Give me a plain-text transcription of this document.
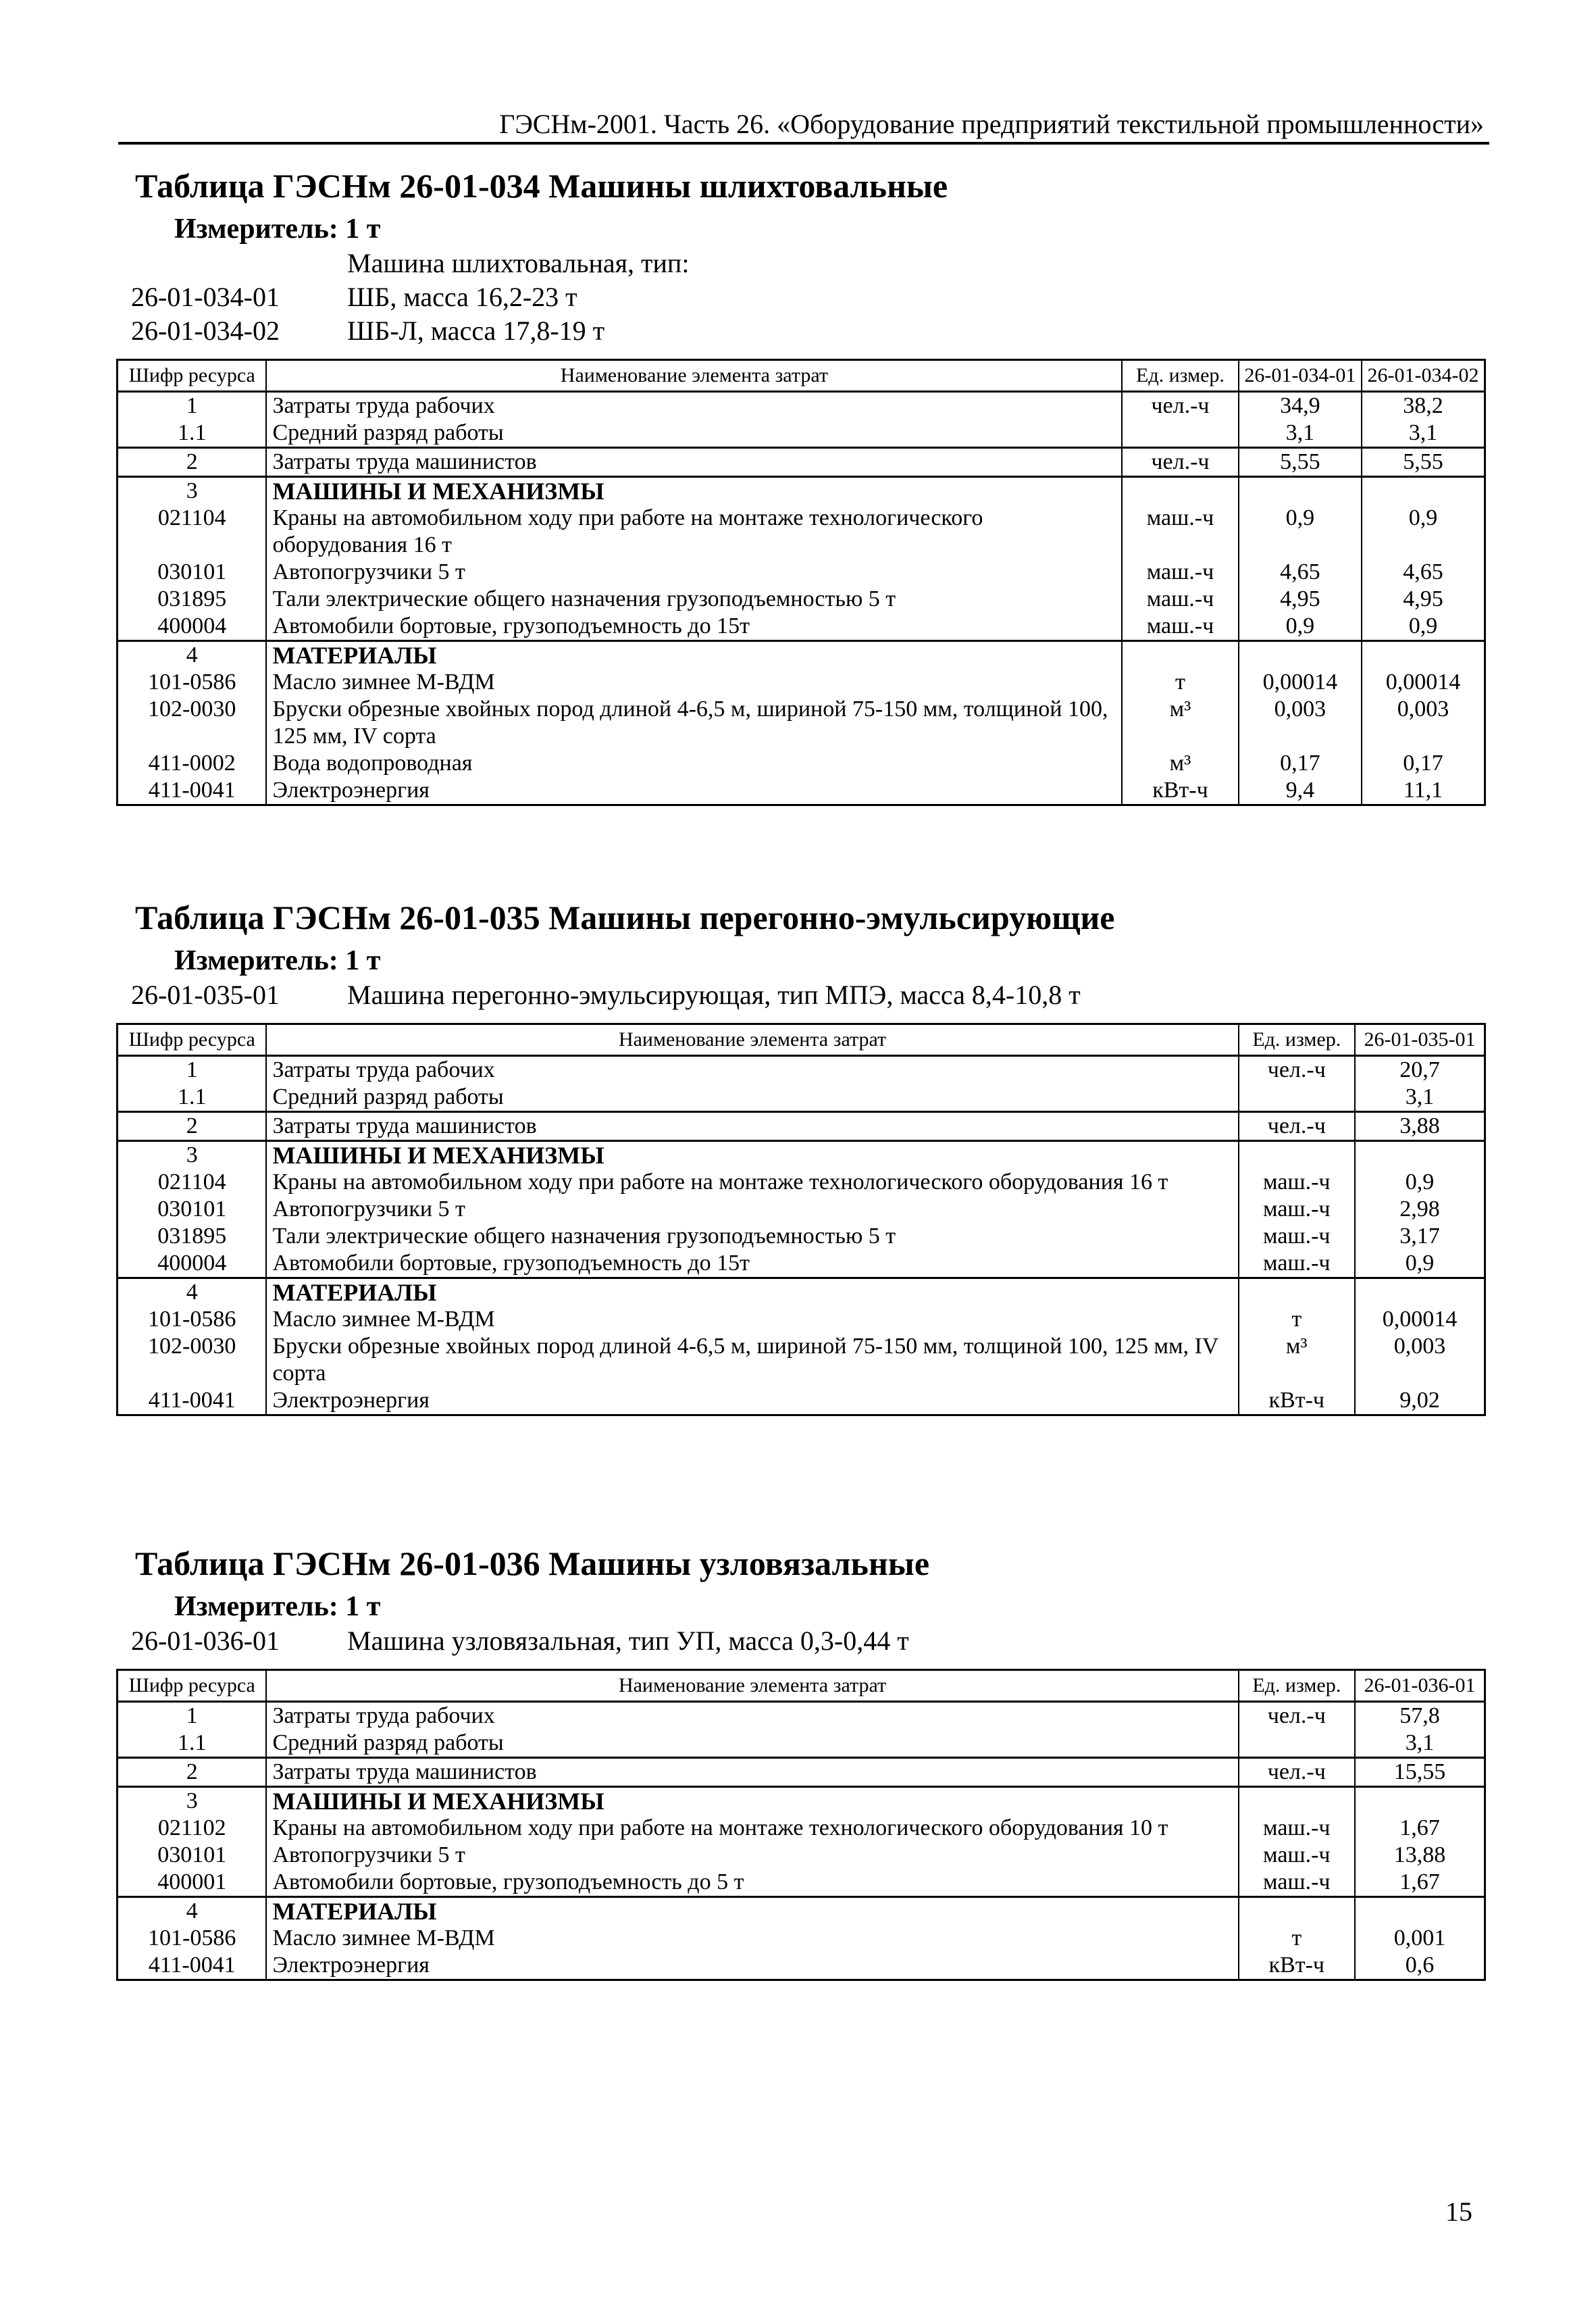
ГЭСНм-2001. Часть 26. «Оборудование предприятий текстильной промышленности»
Таблица ГЭСНм 26-01-034 Машины шлихтовальные
Измеритель: 1 т
Машина шлихтовальная, тип:
26-01-034-01	ШБ, масса 16,2-23 т
26-01-034-02	ШБ-Л, масса 17,8-19 т
Шифр ресурса	Наименование элемента затрат	Ед. измер.	26-01-034-01	26-01-034-02
1	Затраты труда рабочих	чел.-ч	34,9	38,2
1.1	Средний разряд работы		3,1	3,1
2	Затраты труда машинистов	чел.-ч	5,55	5,55
3	МАШИНЫ И МЕХАНИЗМЫ			
021104	Краны на автомобильном ходу при работе на монтаже технологического оборудования 16 т	маш.-ч	0,9	0,9
030101	Автопогрузчики 5 т	маш.-ч	4,65	4,65
031895	Тали электрические общего назначения грузоподъемностью 5 т	маш.-ч	4,95	4,95
400004	Автомобили бортовые, грузоподъемность до 15т	маш.-ч	0,9	0,9
4	МАТЕРИАЛЫ			
101-0586	Масло зимнее М-ВДМ	т	0,00014	0,00014
102-0030	Бруски обрезные хвойных пород длиной 4-6,5 м, шириной 75-150 мм, толщиной 100, 125 мм, IV сорта	м³	0,003	0,003
411-0002	Вода водопроводная	м³	0,17	0,17
411-0041	Электроэнергия	кВт-ч	9,4	11,1
Таблица ГЭСНм 26-01-035 Машины перегонно-эмульсирующие
Измеритель: 1 т
26-01-035-01	Машина перегонно-эмульсирующая, тип МПЭ, масса 8,4-10,8 т
Шифр ресурса	Наименование элемента затрат	Ед. измер.	26-01-035-01
1	Затраты труда рабочих	чел.-ч	20,7
1.1	Средний разряд работы		3,1
2	Затраты труда машинистов	чел.-ч	3,88
3	МАШИНЫ И МЕХАНИЗМЫ		
021104	Краны на автомобильном ходу при работе на монтаже технологического оборудования 16 т	маш.-ч	0,9
030101	Автопогрузчики 5 т	маш.-ч	2,98
031895	Тали электрические общего назначения грузоподъемностью 5 т	маш.-ч	3,17
400004	Автомобили бортовые, грузоподъемность до 15т	маш.-ч	0,9
4	МАТЕРИАЛЫ		
101-0586	Масло зимнее М-ВДМ	т	0,00014
102-0030	Бруски обрезные хвойных пород длиной 4-6,5 м, шириной 75-150 мм, толщиной 100, 125 мм, IV сорта	м³	0,003
411-0041	Электроэнергия	кВт-ч	9,02
Таблица ГЭСНм 26-01-036 Машины узловязальные
Измеритель: 1 т
26-01-036-01	Машина узловязальная, тип УП, масса 0,3-0,44 т
Шифр ресурса	Наименование элемента затрат	Ед. измер.	26-01-036-01
1	Затраты труда рабочих	чел.-ч	57,8
1.1	Средний разряд работы		3,1
2	Затраты труда машинистов	чел.-ч	15,55
3	МАШИНЫ И МЕХАНИЗМЫ		
021102	Краны на автомобильном ходу при работе на монтаже технологического оборудования 10 т	маш.-ч	1,67
030101	Автопогрузчики 5 т	маш.-ч	13,88
400001	Автомобили бортовые, грузоподъемность до 5 т	маш.-ч	1,67
4	МАТЕРИАЛЫ		
101-0586	Масло зимнее М-ВДМ	т	0,001
411-0041	Электроэнергия	кВт-ч	0,6
15
